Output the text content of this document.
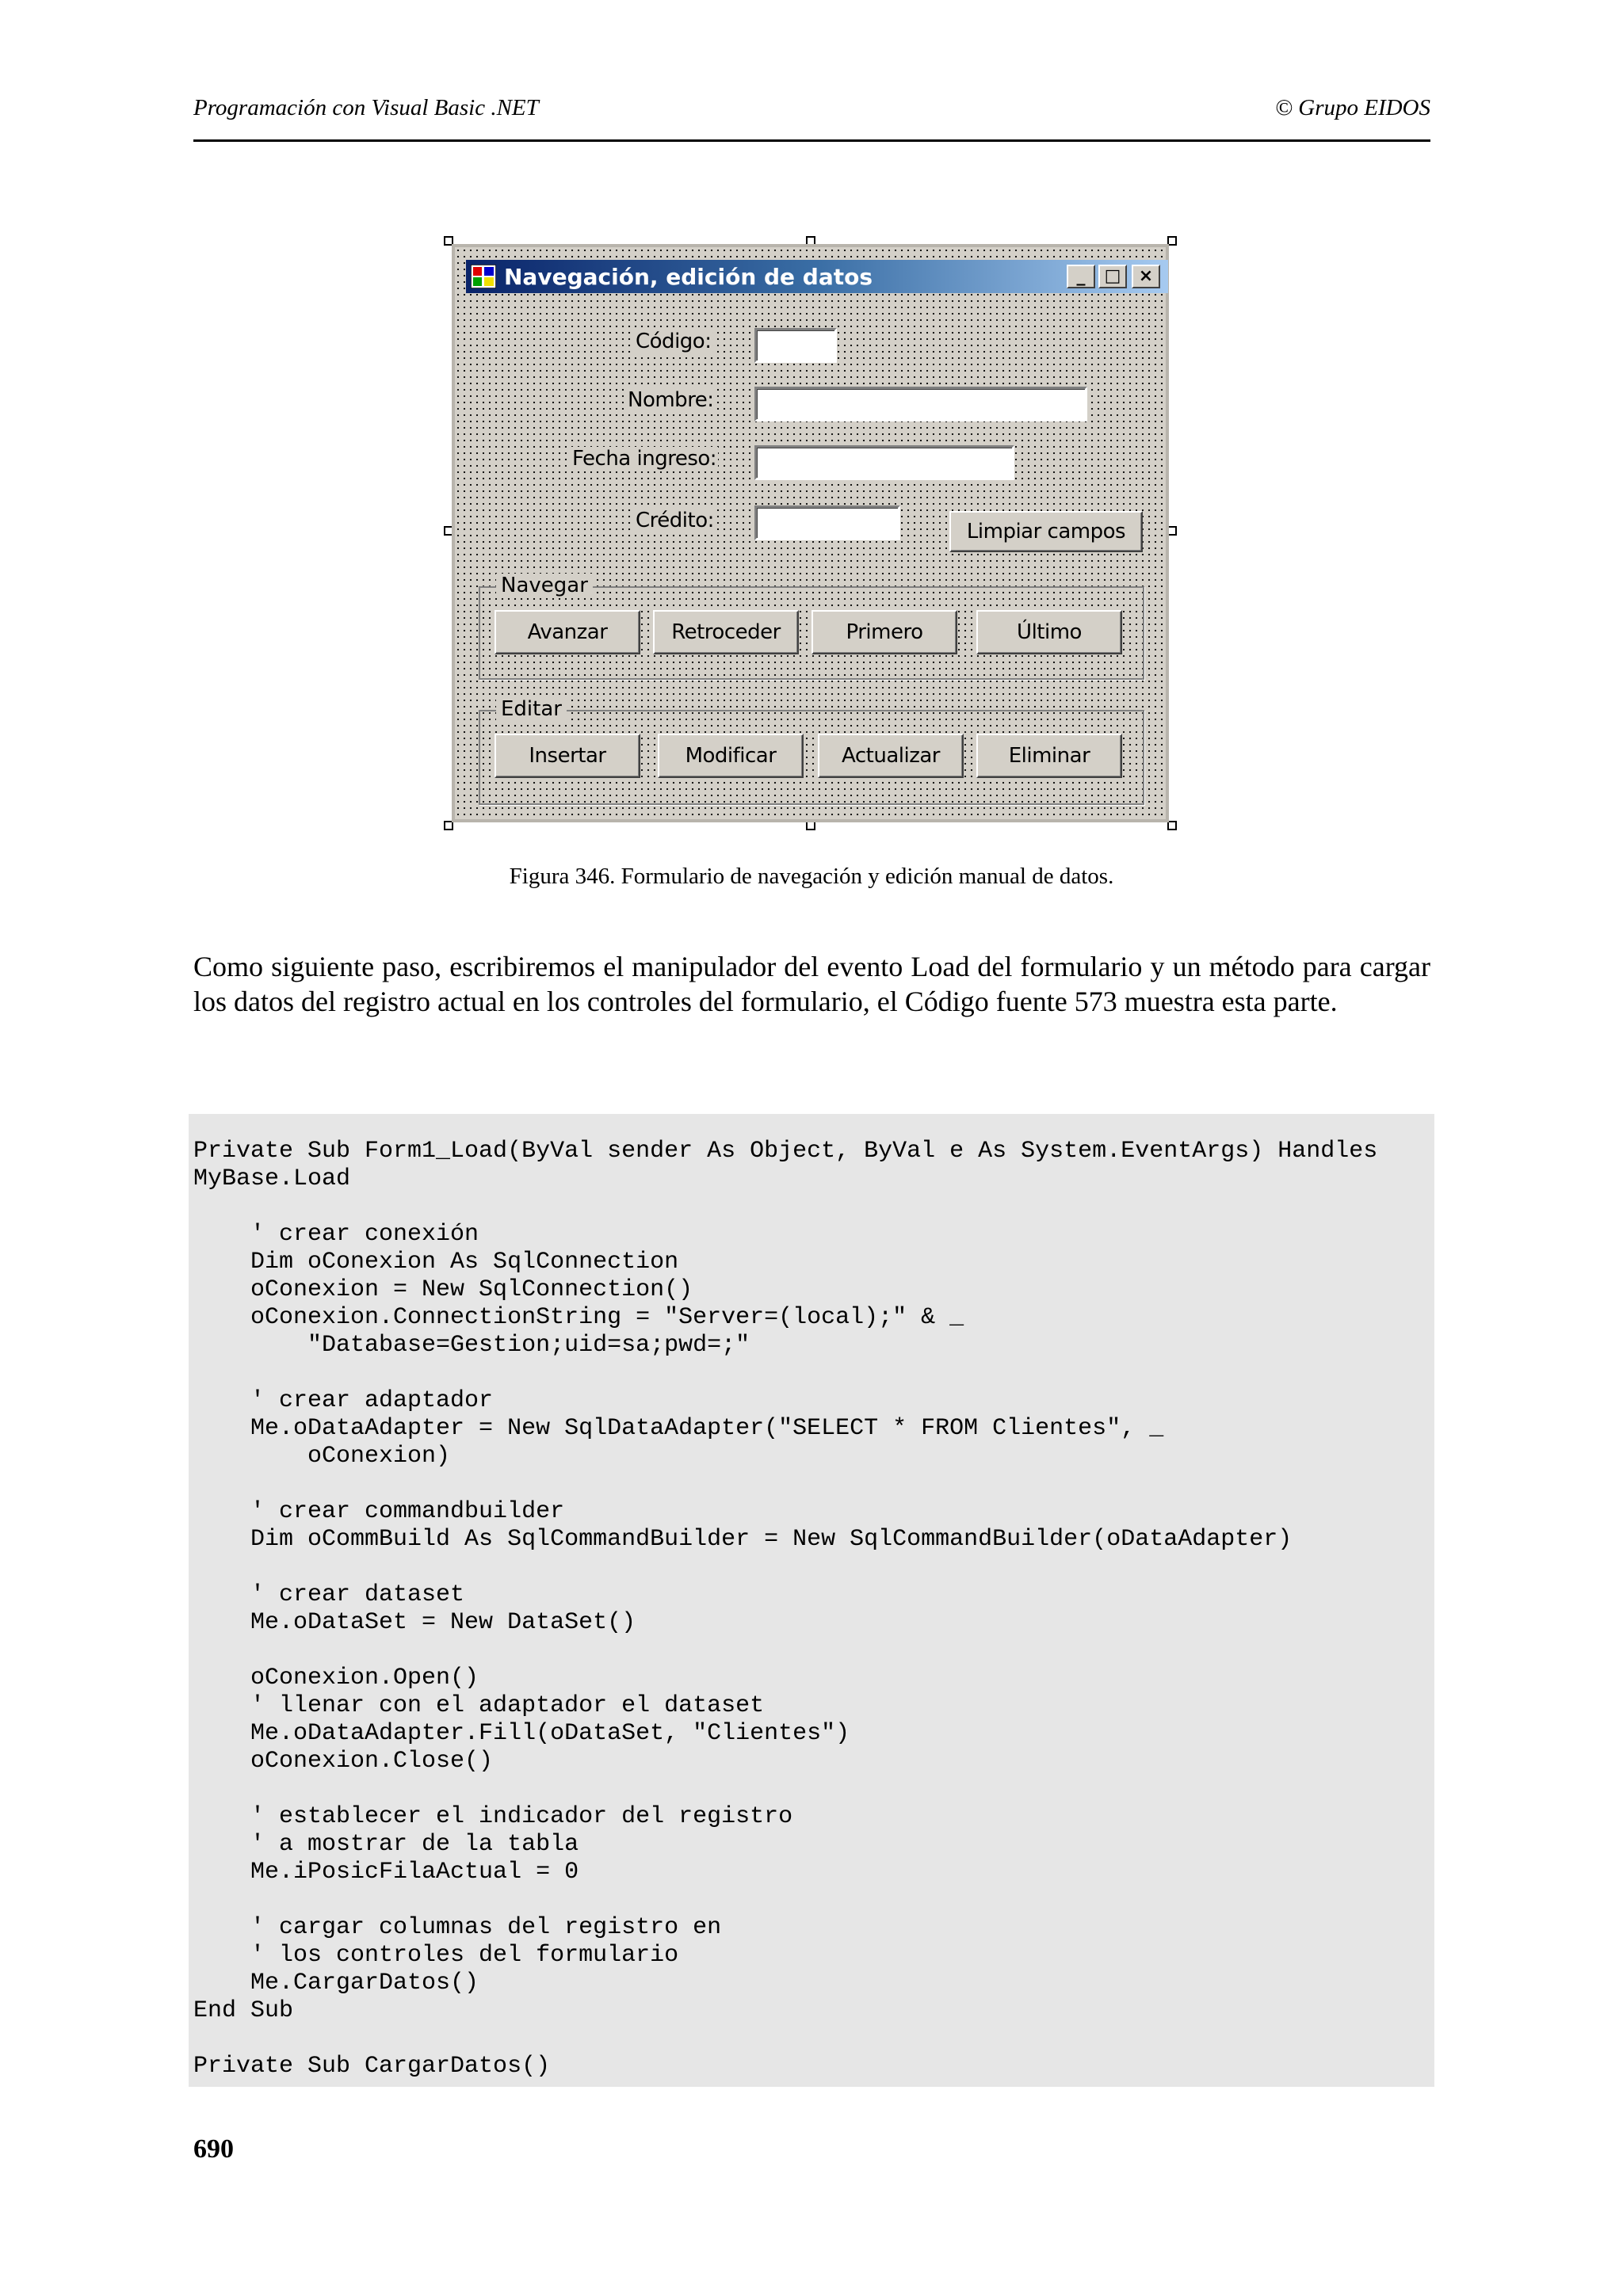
Programación con Visual Basic .NET	© Grupo EIDOS
Navegación, edición de datos	_	□	×
Código:
Nombre:
Fecha ingreso:
Crédito:	Limpiar campos
Navegar
Avanzar	Retroceder	Primero	Último
Editar
Insertar	Modificar	Actualizar	Eliminar
Figura 346. Formulario de navegación y edición manual de datos.
Como siguiente paso, escribiremos el manipulador del evento Load del formulario y un método para cargar los datos del registro actual en los controles del formulario, el Código fuente 573 muestra esta parte.
Private Sub Form1_Load(ByVal sender As Object, ByVal e As System.EventArgs) Handles
MyBase.Load

' crear conexión
Dim oConexion As SqlConnection
oConexion = New SqlConnection()
oConexion.ConnectionString = "Server=(local);" & _
"Database=Gestion;uid=sa;pwd=;"

' crear adaptador
Me.oDataAdapter = New SqlDataAdapter("SELECT * FROM Clientes", _
oConexion)

' crear commandbuilder
Dim oCommBuild As SqlCommandBuilder = New SqlCommandBuilder(oDataAdapter)

' crear dataset
Me.oDataSet = New DataSet()

oConexion.Open()
' llenar con el adaptador el dataset
Me.oDataAdapter.Fill(oDataSet, "Clientes")
oConexion.Close()

' establecer el indicador del registro
' a mostrar de la tabla
Me.iPosicFilaActual = 0

' cargar columnas del registro en
' los controles del formulario
Me.CargarDatos()
End Sub

Private Sub CargarDatos()
690
